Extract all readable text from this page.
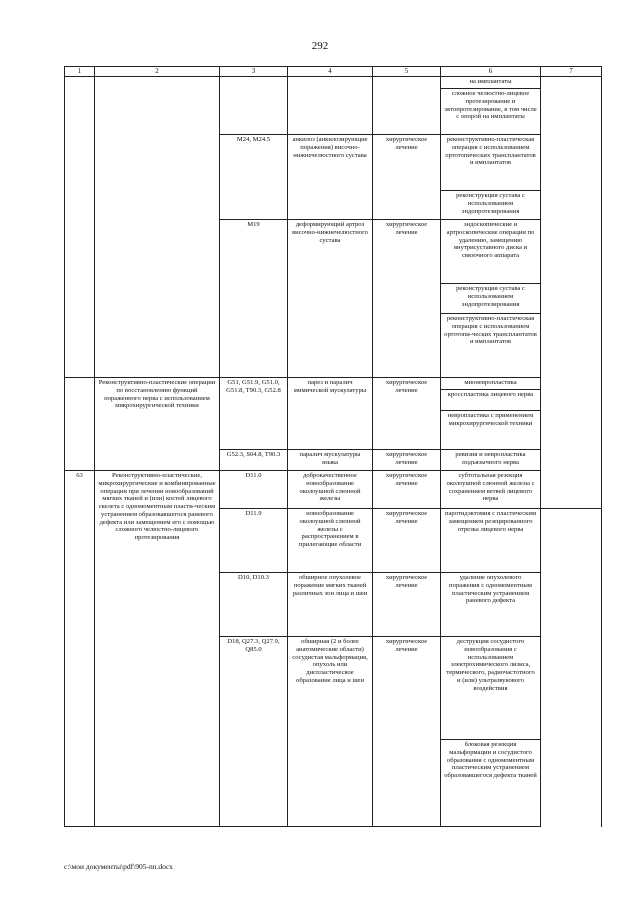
292
1	2	3	4	5	6	7	
					на имплантаты		
					сложное челюстно-лицевое протезирование и эктопротезирование, в том числе с опорой на имплантаты		
		M24, M24.5	анкилоз (анкилозирующие поражения) височно-нижнечелюстного сустава	хирургическое лечение	реконструктивно-пластическая операция с использованием ортотопических трансплантатов и имплантатов		
					реконструкция сустава с использованием эндопротезирования		
		M19	деформирующий артроз височно-нижнечелюстного сустава	хирургическое лечение	эндоскопические и артроскопические операции по удалению, замещению внутрисуставного диска и связочного аппарата		
					реконструкция сустава с использованием эндопротезирования		
					реконструктивно-пластическая операция с использованием ортотопи-ческих трансплантатов и имплантатов		
	Реконструктивно-пластические операции по восстановлению функций пораженного нерва с использованием микрохирургической техники	G51, G51.9, G51.0, G51.8, T90.3, G52.8	парез и паралич мимической мускулатуры	хирургическое лечение	мионевропластика		
					кросспластика лицевого нерва		
					невропластика с применением микрохирургической техники		
		G52.3, S04.8, T90.3	паралич мускулатуры языка	хирургическое лечение	ревизия и невропластика подъязычного нерва		
63	Реконструктивно-пластические, микрохирургические и комбинированные операции при лечении новообразований мягких тканей и (или) костей лицевого скелета с одномоментным пласти-ческим устранением образовавшегося раневого дефекта или замещением его с помощью сложного челюстно-лицевого протезирования	D11.0	доброкачественное новообразование околоушной слюнной железы	хирургическое лечение	субтотальная резекция околоушной слюнной железы с сохранением ветвей лицевого нерва	
		D11.9	новообразование околоушной слюнной железы с распространением в прилегающие области	хирургическое лечение	паротидэктомия с пластическим замещением резецированного отрезка лицевого нерва		
		D10, D10.3	обширное опухолевое поражение мягких тканей различных зон лица и шеи	хирургическое лечение	удаление опухолевого поражения с одномоментным пластическим устранением раневого дефекта		
		D18, Q27.3, Q27.9, Q85.0	обширная (2 и более анатомические области) сосудистая мальформация, опухоль или диспластическое образование лица и шеи	хирургическое лечение	деструкция сосудистого новообразования с использованием электрохимического лизиса, термического, радиочастотного и (или) ультразвукового воздействия		
					блоковая резекция мальформации и сосудистого образования с одномоментным пластическим устранением образовавшегося дефекта тканей		
c:\мои документы\pdf\905-nn.docx
